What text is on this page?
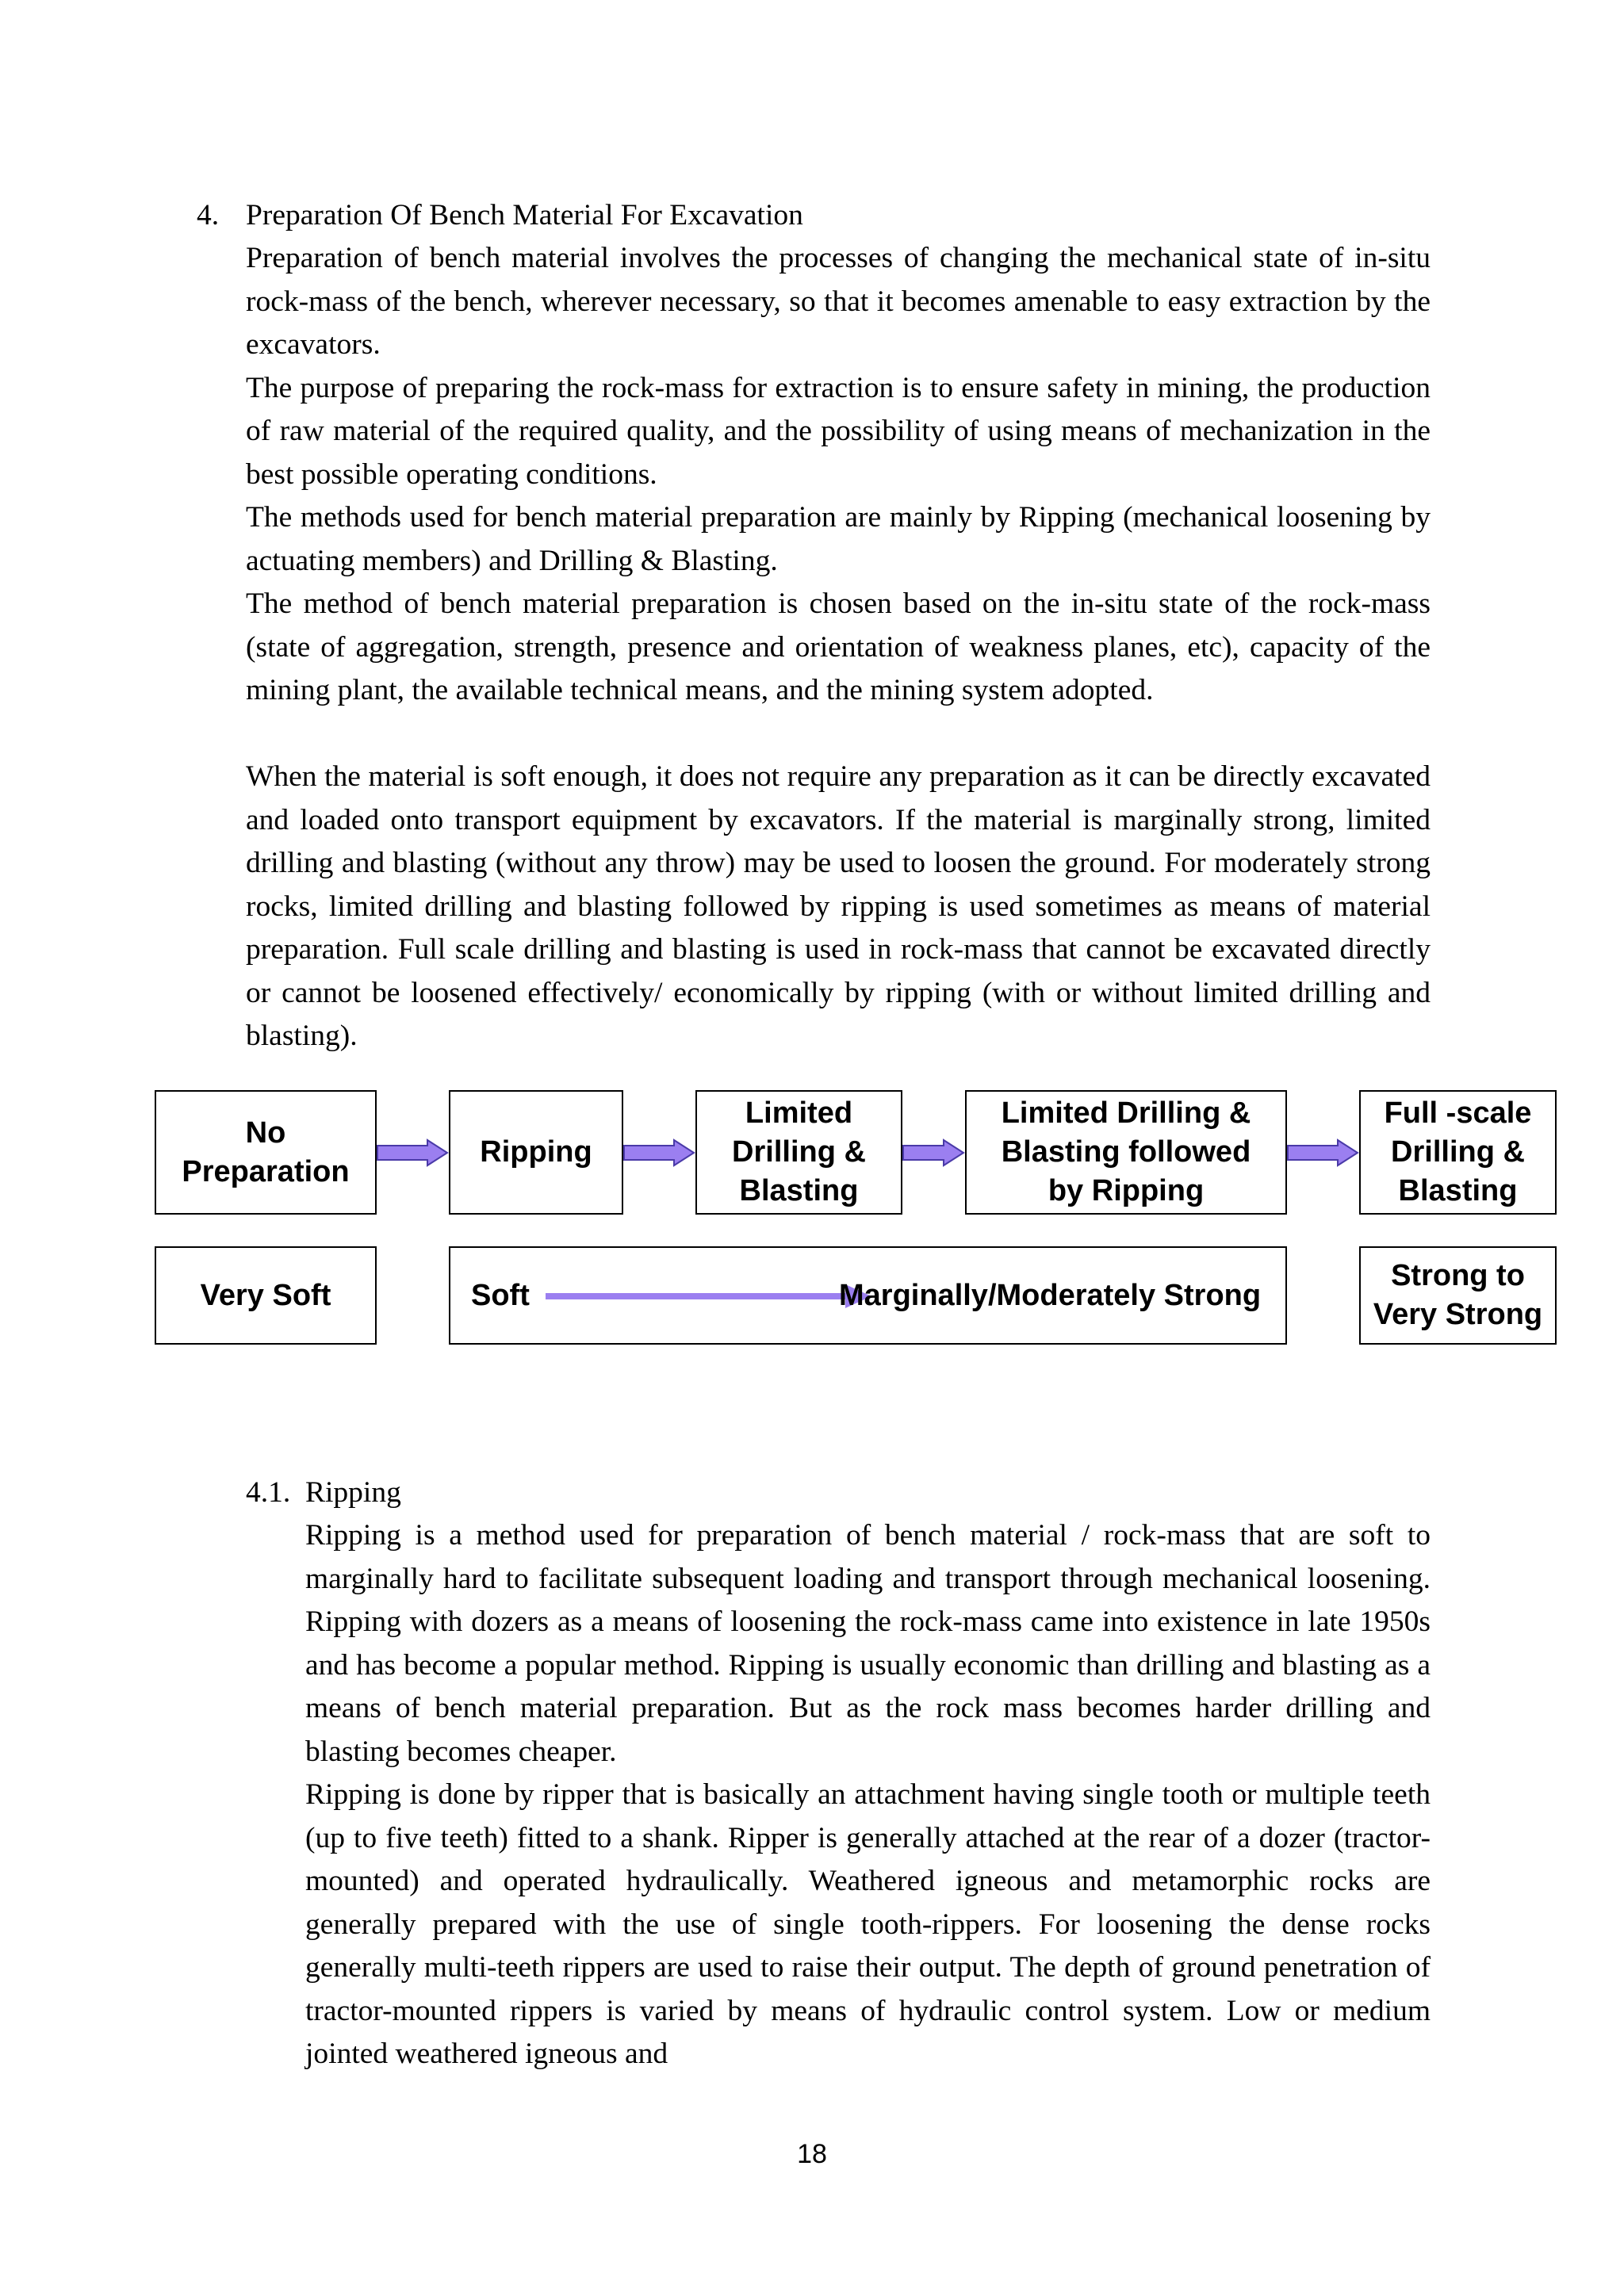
4. Preparation Of Bench Material For Excavation

Preparation of bench material involves the processes of changing the mechanical state of in-situ rock-mass of the bench, wherever necessary, so that it becomes amenable to easy extraction by the excavators.

The purpose of preparing the rock-mass for extraction is to ensure safety in mining, the production of raw material of the required quality, and the possibility of using means of mechanization in the best possible operating conditions.

The methods used for bench material preparation are mainly by Ripping (mechanical loosening by actuating members) and Drilling & Blasting.

The method of bench material preparation is chosen based on the in-situ state of the rock-mass (state of aggregation, strength, presence and orientation of weakness planes, etc), capacity of the mining plant, the available technical means, and the mining system adopted.

When the material is soft enough, it does not require any preparation as it can be directly excavated and loaded onto transport equipment by excavators. If the material is marginally strong, limited drilling and blasting (without any throw) may be used to loosen the ground. For moderately strong rocks, limited drilling and blasting followed by ripping is used sometimes as means of material preparation. Full scale drilling and blasting is used in rock-mass that cannot be excavated directly or cannot be loosened effectively/ economically by ripping (with or without limited drilling and blasting).

No
Preparation
Ripping
Limited
Drilling &
Blasting
Limited Drilling &
Blasting followed
by Ripping
Full -scale
Drilling &
Blasting
Very Soft	Soft	Marginally/Moderately Strong
Strong to
Very Strong
4.1. Ripping

Ripping is a method used for preparation of bench material / rock-mass that are soft to marginally hard to facilitate subsequent loading and transport through mechanical loosening. Ripping with dozers as a means of loosening the rock-mass came into existence in late 1950s and has become a popular method. Ripping is usually economic than drilling and blasting as a means of bench material preparation. But as the rock mass becomes harder drilling and blasting becomes cheaper.

Ripping is done by ripper that is basically an attachment having single tooth or multiple teeth (up to five teeth) fitted to a shank. Ripper is generally attached at the rear of a dozer (tractor-mounted) and operated hydraulically. Weathered igneous and metamorphic rocks are generally prepared with the use of single tooth-rippers. For loosening the dense rocks generally multi-teeth rippers are used to raise their output. The depth of ground penetration of tractor-mounted rippers is varied by means of hydraulic control system. Low or medium jointed weathered igneous and

18
